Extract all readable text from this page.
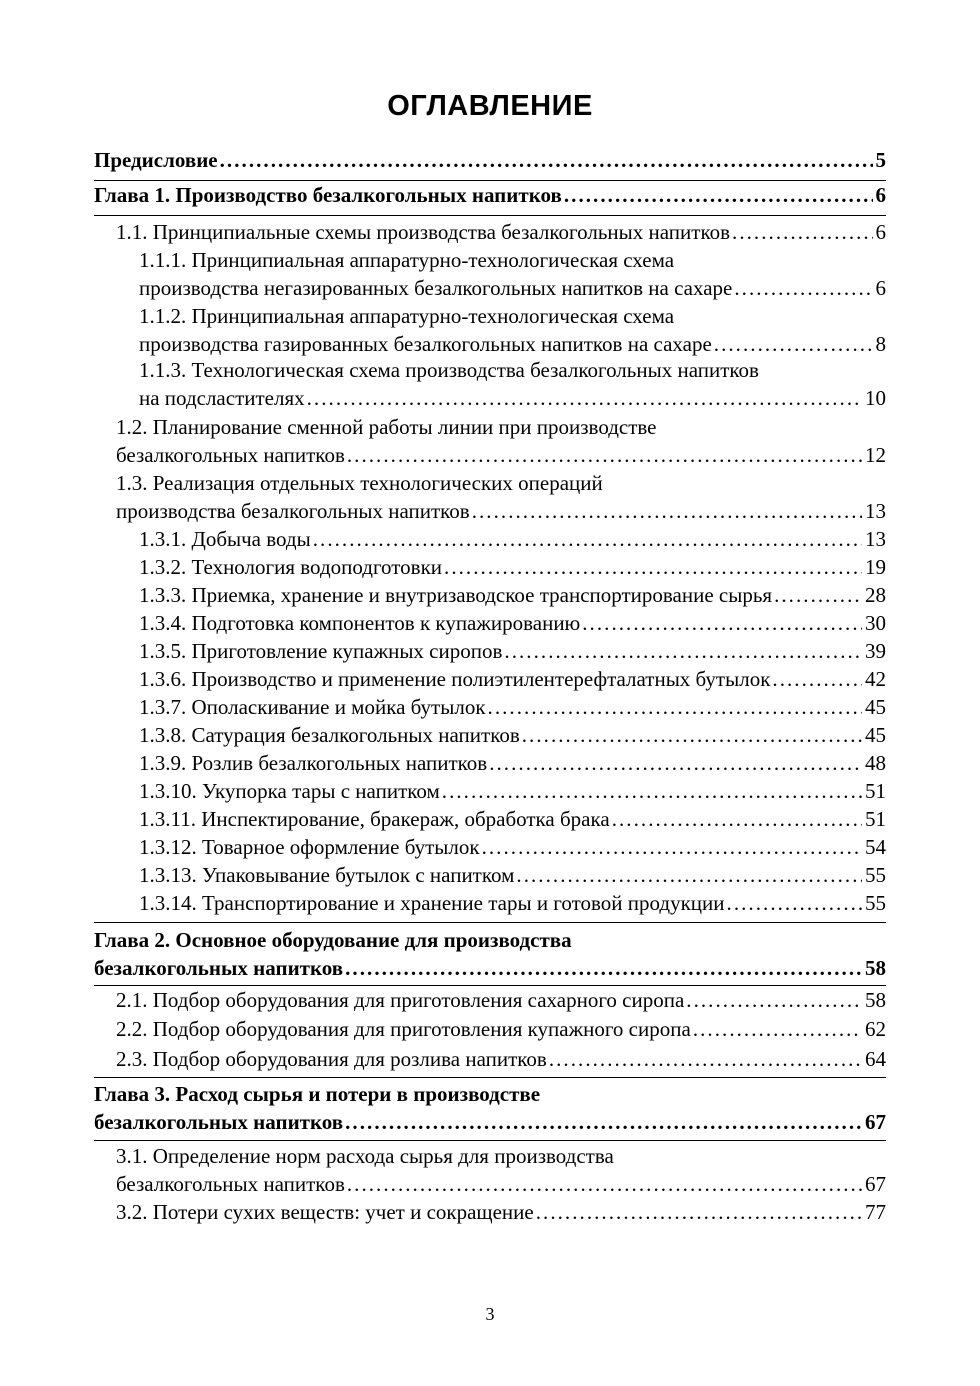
ОГЛАВЛЕНИЕ
Предисловие . . .	5
Глава 1. Производство безалкогольных напитков . . .	6
1.1. Принципиальные схемы производства безалкогольных напитков . . .	6
1.1.1. Принципиальная аппаратурно-технологическая схема
производства негазированных безалкогольных напитков на сахаре . . .	6
1.1.2. Принципиальная аппаратурно-технологическая схема
производства газированных безалкогольных напитков на сахаре . . .	8
1.1.3. Технологическая схема производства безалкогольных напитков
на подсластителях . . .	10
1.2. Планирование сменной работы линии при производстве
безалкогольных напитков . . .	12
1.3. Реализация отдельных технологических операций
производства безалкогольных напитков . . .	13
1.3.1. Добыча воды . . .	13
1.3.2. Технология водоподготовки . . .	19
1.3.3. Приемка, хранение и внутризаводское транспортирование сырья . . .	28
1.3.4. Подготовка компонентов к купажированию . . .	30
1.3.5. Приготовление купажных сиропов . . .	39
1.3.6. Производство и применение полиэтилентерефталатных бутылок . . .	42
1.3.7. Ополаскивание и мойка бутылок . . .	45
1.3.8. Сатурация безалкогольных напитков . . .	45
1.3.9. Розлив безалкогольных напитков . . .	48
1.3.10. Укупорка тары с напитком . . .	51
1.3.11. Инспектирование, бракераж, обработка брака . . .	51
1.3.12. Товарное оформление бутылок . . .	54
1.3.13. Упаковывание бутылок с напитком . . .	55
1.3.14. Транспортирование и хранение тары и готовой продукции . . .	55
Глава 2. Основное оборудование для производства
безалкогольных напитков . . .	58
2.1. Подбор оборудования для приготовления сахарного сиропа . . .	58
2.2. Подбор оборудования для приготовления купажного сиропа . . .	62
2.3. Подбор оборудования для розлива напитков . . .	64
Глава 3. Расход сырья и потери в производстве
безалкогольных напитков . . .	67
3.1. Определение норм расхода сырья для производства
безалкогольных напитков . . .	67
3.2. Потери сухих веществ: учет и сокращение . . .	77
3
